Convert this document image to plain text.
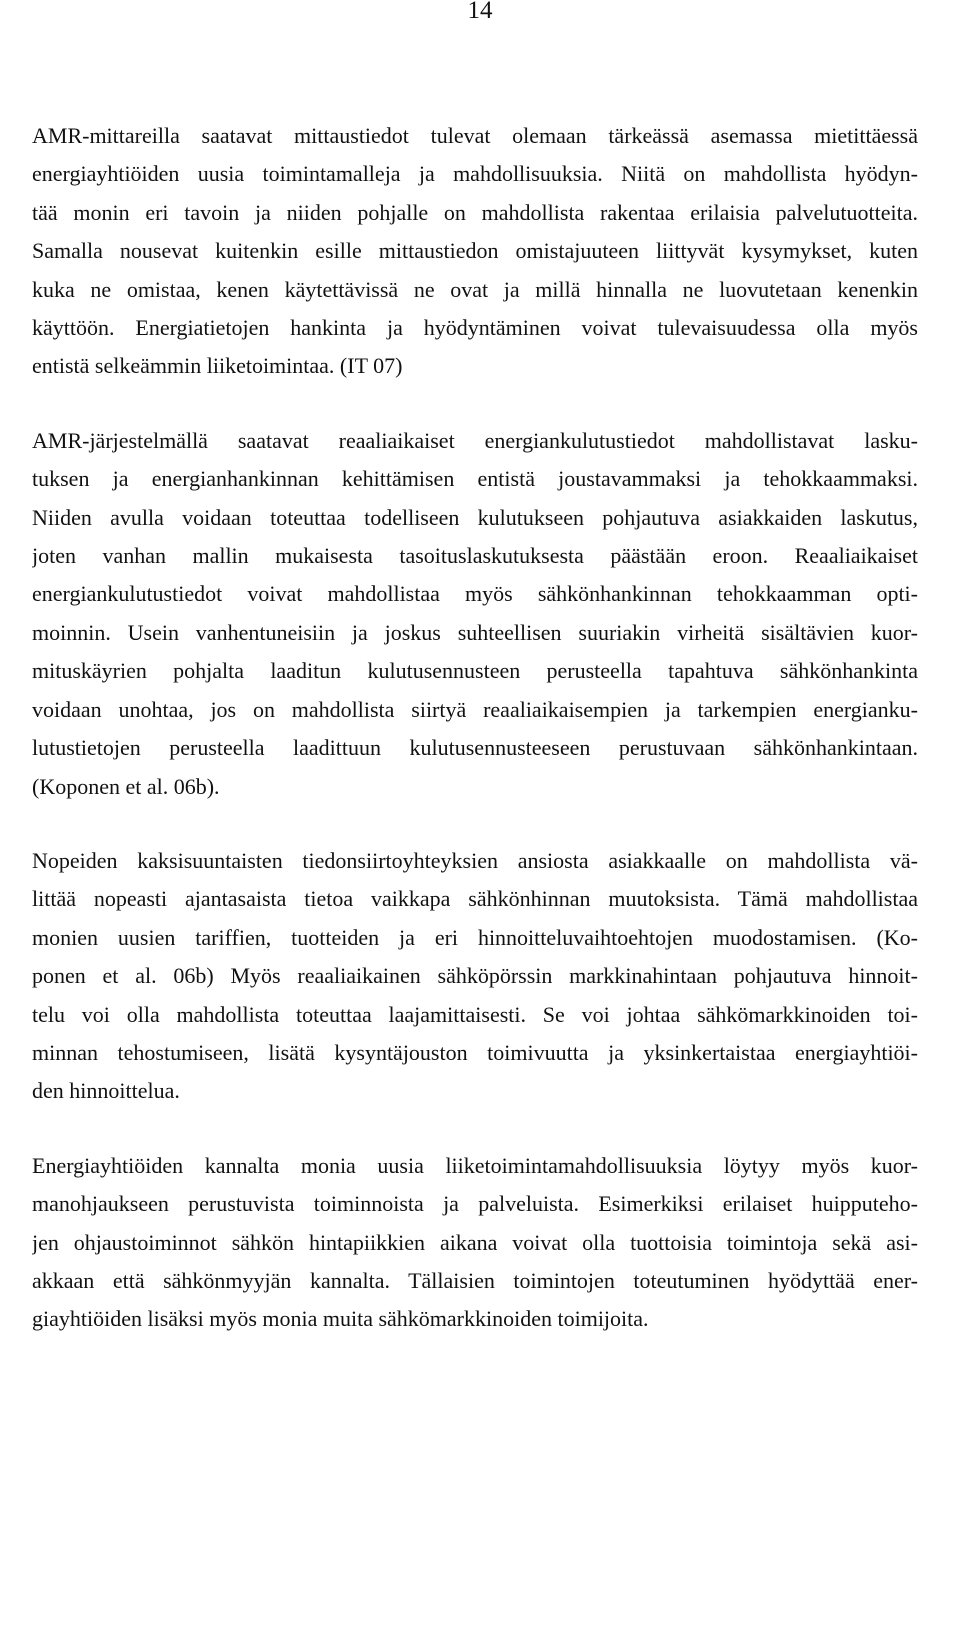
14
AMR-mittareilla saatavat mittaustiedot tulevat olemaan tärkeässä asemassa mietittäessä
energiayhtiöiden uusia toimintamalleja ja mahdollisuuksia. Niitä on mahdollista hyödyn-
tää monin eri tavoin ja niiden pohjalle on mahdollista rakentaa erilaisia palvelutuotteita.
Samalla nousevat kuitenkin esille mittaustiedon omistajuuteen liittyvät kysymykset, kuten
kuka ne omistaa, kenen käytettävissä ne ovat ja millä hinnalla ne luovutetaan kenenkin
käyttöön. Energiatietojen hankinta ja hyödyntäminen voivat tulevaisuudessa olla myös
entistä selkeämmin liiketoimintaa. (IT 07)
AMR-järjestelmällä saatavat reaaliaikaiset energiankulutustiedot mahdollistavat lasku-
tuksen ja energianhankinnan kehittämisen entistä joustavammaksi ja tehokkaammaksi.
Niiden avulla voidaan toteuttaa todelliseen kulutukseen pohjautuva asiakkaiden laskutus,
joten vanhan mallin mukaisesta tasoituslaskutuksesta päästään eroon. Reaaliaikaiset
energiankulutustiedot voivat mahdollistaa myös sähkönhankinnan tehokkaamman opti-
moinnin. Usein vanhentuneisiin ja joskus suhteellisen suuriakin virheitä sisältävien kuor-
mituskäyrien pohjalta laaditun kulutusennusteen perusteella tapahtuva sähkönhankinta
voidaan unohtaa, jos on mahdollista siirtyä reaaliaikaisempien ja tarkempien energianku-
lutustietojen perusteella laadittuun kulutusennusteeseen perustuvaan sähkönhankintaan.
(Koponen et al. 06b).
Nopeiden kaksisuuntaisten tiedonsiirtoyhteyksien ansiosta asiakkaalle on mahdollista vä-
littää nopeasti ajantasaista tietoa vaikkapa sähkönhinnan muutoksista. Tämä mahdollistaa
monien uusien tariffien, tuotteiden ja eri hinnoitteluvaihtoehtojen muodostamisen. (Ko-
ponen et al. 06b) Myös reaaliaikainen sähköpörssin markkinahintaan pohjautuva hinnoit-
telu voi olla mahdollista toteuttaa laajamittaisesti. Se voi johtaa sähkömarkkinoiden toi-
minnan tehostumiseen, lisätä kysyntäjouston toimivuutta ja yksinkertaistaa energiayhtiöi-
den hinnoittelua.
Energiayhtiöiden kannalta monia uusia liiketoimintamahdollisuuksia löytyy myös kuor-
manohjaukseen perustuvista toiminnoista ja palveluista. Esimerkiksi erilaiset huipputeho-
jen ohjaustoiminnot sähkön hintapiikkien aikana voivat olla tuottoisia toimintoja sekä asi-
akkaan että sähkönmyyjän kannalta. Tällaisien toimintojen toteutuminen hyödyttää ener-
giayhtiöiden lisäksi myös monia muita sähkömarkkinoiden toimijoita.
